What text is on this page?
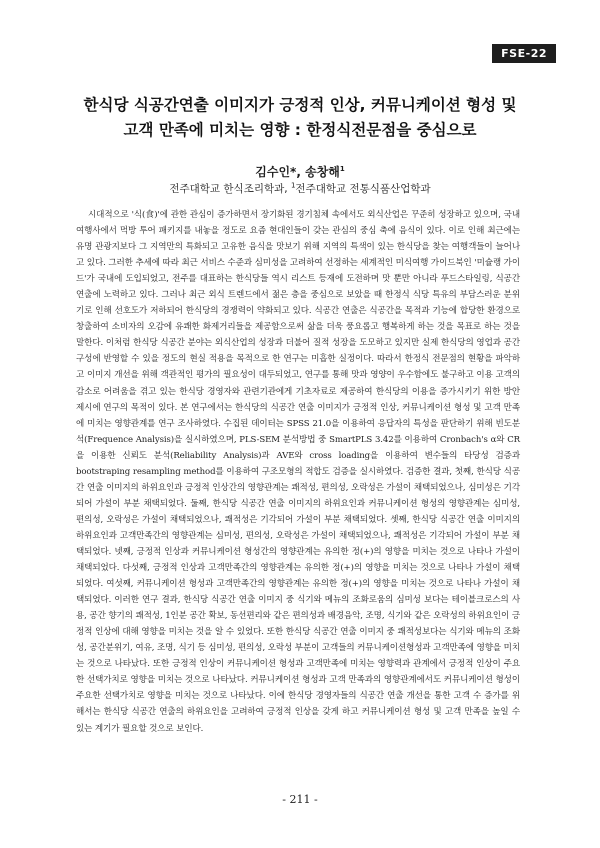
FSE-22
한식당 식공간연출 이미지가 긍정적 인상, 커뮤니케이션 형성 및
고객 만족에 미치는 영향 : 한정식전문점을 중심으로
김수인*, 송창해$^1$
전주대학교 한식조리학과, $^1$전주대학교 전통식품산업학과

시대적으로 '식(食)'에 관한 관심이 증가하면서 장기화된 경기침체 속에서도 외식산업은 꾸준히 성장하고 있으며, 국내여행사에서 먹방 투어 패키지를 내놓을 정도로 요즘 현대인들이 갖는 관심의 중심 축에 음식이 있다. 이로 인해 최근에는 유명 관광지보다 그 지역만의 특화되고 고유한 음식을 맛보기 위해 지역의 특색이 있는 한식당을 찾는 여행객들이 늘어나고 있다. 그러한 추세에 따라 최근 서비스 수준과 심미성을 고려하여 선정하는 세계적인 미식여행 가이드북인 '미슐랭 가이드'가 국내에 도입되었고, 전주를 대표하는 한식당들 역시 리스트 등재에 도전하며 맛 뿐만 아니라 푸드스타일링, 식공간 연출에 노력하고 있다. 그러나 최근 외식 트렌드에서 젊은 층을 중심으로 보았을 때 한정식 식당 특유의 부담스러운 분위기로 인해 선호도가 저하되어 한식당의 경쟁력이 약화되고 있다. 식공간 연출은 식공간을 목적과 기능에 합당한 환경으로 창출하여 소비자의 오감에 유쾌한 화제거리들을 제공함으로써 삶을 더욱 풍요롭고 행복하게 하는 것을 목표로 하는 것을 말한다. 이처럼 한식당 식공간 분야는 외식산업의 성장과 더불어 질적 성장을 도모하고 있지만 실제 한식당의 영업과 공간 구성에 반영할 수 있을 정도의 현실 적용을 목적으로 한 연구는 미흡한 실정이다. 따라서 한정식 전문점의 현황을 파악하고 이미지 개선을 위해 객관적인 평가의 필요성이 대두되었고, 연구를 통해 맛과 영양이 우수함에도 불구하고 이용 고객의 감소로 어려움을 겪고 있는 한식당 경영자와 관련기관에게 기초자료로 제공하여 한식당의 이용을 증가시키기 위한 방안 제시에 연구의 목적이 있다. 본 연구에서는 한식당의 식공간 연출 이미지가 긍정적 인상, 커뮤니케이션 형성 및 고객 만족에 미치는 영향관계를 연구 조사하였다. 수집된 데이터는 SPSS 21.0을 이용하여 응답자의 특성을 판단하기 위해 빈도분석(Frequence Analysis)을 실시하였으며, PLS-SEM 분석방법 중 SmartPLS 3.42를 이용하여 Cronbach's α와 CR을 이용한 신뢰도 분석(Reliability Analysis)과 AVE와 cross loading을 이용하여 변수들의 타당성 검증과 bootstraping resampling method를 이용하여 구조모형의 적합도 검증을 실시하였다. 검증한 결과, 첫째, 한식당 식공간 연출 이미지의 하위요인과 긍정적 인상간의 영향관계는 쾌적성, 편의성, 오락성은 가설이 채택되었으나, 심미성은 기각되어 가설이 부분 채택되었다. 둘째, 한식당 식공간 연출 이미지의 하위요인과 커뮤니케이션 형성의 영향관계는 심미성, 편의성, 오락성은 가설이 채택되었으나, 쾌적성은 기각되어 가설이 부분 채택되었다. 셋째, 한식당 식공간 연출 이미지의 하위요인과 고객만족간의 영향관계는 심미성, 편의성, 오락성은 가설이 채택되었으나, 쾌적성은 기각되어 가설이 부분 채택되었다. 넷째, 긍정적 인상과 커뮤니케이션 형성간의 영향관계는 유의한 정(+)의 영향을 미치는 것으로 나타나 가설이 채택되었다. 다섯째, 긍정적 인상과 고객만족간의 영향관계는 유의한 정(+)의 영향을 미치는 것으로 나타나 가설이 채택되었다. 여섯째, 커뮤니케이션 형성과 고객만족간의 영향관계는 유의한 정(+)의 영향을 미치는 것으로 나타나 가설이 채택되었다. 이러한 연구 결과, 한식당 식공간 연출 이미지 중 식기와 메뉴의 조화로움의 심미성 보다는 테이블크로스의 사용, 공간 향기의 쾌적성, 1인분 공간 확보, 동선편리와 같은 편의성과 배경음악, 조명, 식기와 같은 오락성의 하위요인이 긍정적 인상에 대해 영향을 미치는 것을 알 수 있었다. 또한 한식당 식공간 연출 이미지 중 쾌적성보다는 식기와 메뉴의 조화성, 공간분위기, 여유, 조명, 식기 등 심미성, 편의성, 오락성 부분이 고객들의 커뮤니케이션형성과 고객만족에 영향을 미치는 것으로 나타났다. 또한 긍정적 인상이 커뮤니케이션 형성과 고객만족에 미치는 영향력과 관계에서 긍정적 인상이 주요한 선택가치로 영향을 미치는 것으로 나타났다. 커뮤니케이션 형성과 고객 만족과의 영향관계에서도 커뮤니케이션 형성이 주요한 선택가치로 영향을 미치는 것으로 나타났다. 이에 한식당 경영자들의 식공간 연출 개선을 통한 고객 수 증가를 위해서는 한식당 식공간 연출의 하위요인을 고려하여 긍정적 인상을 갖게 하고 커뮤니케이션 형성 및 고객 만족을 높일 수 있는 계기가 필요할 것으로 보인다.

- 211 -
